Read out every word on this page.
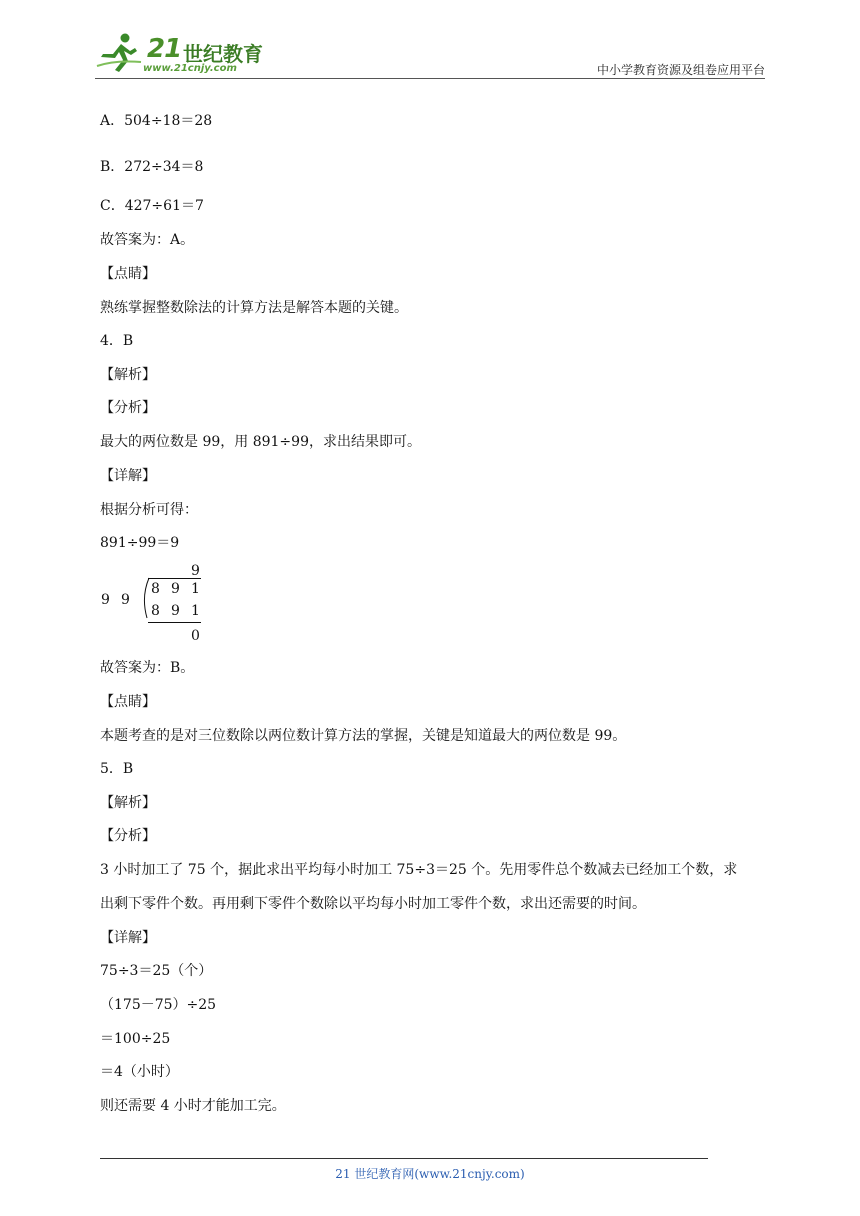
21 世纪教育
www.21cnjy.com	中小学教育资源及组卷应用平台
A．504÷18＝28
B．272÷34＝8
C．427÷61＝7
故答案为：A。
【点睛】
熟练掌握整数除法的计算方法是解答本题的关键。
4．B
【解析】
【分析】
最大的两位数是 99，用 891÷99，求出结果即可。
【详解】
根据分析可得：
891÷99＝9
9
9 9
8 9 1
8 9 1
0
故答案为：B。
【点睛】
本题考查的是对三位数除以两位数计算方法的掌握，关键是知道最大的两位数是 99。
5．B
【解析】
【分析】
3 小时加工了 75 个，据此求出平均每小时加工 75÷3＝25 个。先用零件总个数减去已经加工个数，求
出剩下零件个数。再用剩下零件个数除以平均每小时加工零件个数，求出还需要的时间。
【详解】
75÷3＝25（个）
（175－75）÷25
＝100÷25
＝4（小时）
则还需要 4 小时才能加工完。
21 世纪教育网(www.21cnjy.com)
